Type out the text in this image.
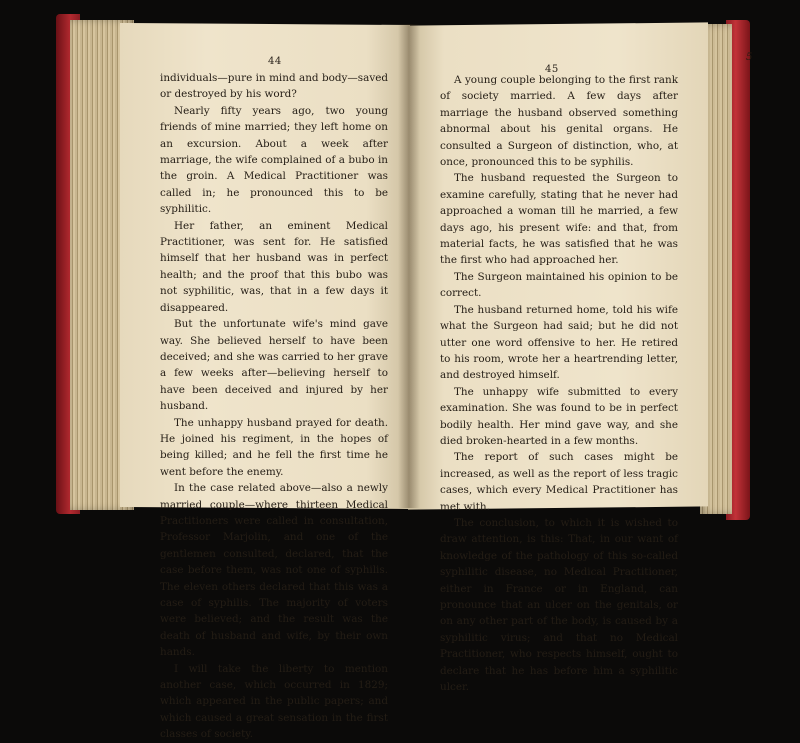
44
45

individuals—pure in mind and body—saved or destroyed by his word?

Nearly fifty years ago, two young friends of mine married; they left home on an excursion. About a week after marriage, the wife complained of a bubo in the groin. A Medical Practitioner was called in; he pronounced this to be syphilitic.

Her father, an eminent Medical Practitioner, was sent for. He satisfied himself that her husband was in perfect health; and the proof that this bubo was not syphilitic, was, that in a few days it disappeared.

But the unfortunate wife's mind gave way. She believed herself to have been deceived; and she was carried to her grave a few weeks after—believing herself to have been deceived and injured by her husband.

The unhappy husband prayed for death. He joined his regiment, in the hopes of being killed; and he fell the first time he went before the enemy.

In the case related above—also a newly married couple—where thirteen Medical Practitioners were called in consultation, Professor Marjolin, and one of the gentlemen consulted, declared, that the case before them, was not one of syphilis. The eleven others declared that this was a case of syphilis. The majority of voters were believed; and the result was the death of husband and wife, by their own hands.

I will take the liberty to mention another case, which occurred in 1829; which appeared in the public papers; and which caused a great sensation in the first classes of society.

A young couple belonging to the first rank of society married. A few days after marriage the husband observed something abnormal about his genital organs. He consulted a Surgeon of distinction, who, at once, pronounced this to be syphilis.

The husband requested the Surgeon to examine carefully, stating that he never had approached a woman till he married, a few days ago, his present wife: and that, from material facts, he was satisfied that he was the first who had approached her.

The Surgeon maintained his opinion to be correct.

The husband returned home, told his wife what the Surgeon had said; but he did not utter one word offensive to her. He retired to his room, wrote her a heartrending letter, and destroyed himself.

The unhappy wife submitted to every examination. She was found to be in perfect bodily health. Her mind gave way, and she died broken-hearted in a few months.

The report of such cases might be increased, as well as the report of less tragic cases, which every Medical Practitioner has met with.

The conclusion, to which it is wished to draw attention, is this: That, in our want of knowledge of the pathology of this so-called syphilitic disease, no Medical Practitioner, either in France or in England, can pronounce that an ulcer on the genitals, or on any other part of the body, is caused by a syphilitic virus; and that no Medical Practitioner, who respects himself, ought to declare that he has before him a syphilitic ulcer.

5
